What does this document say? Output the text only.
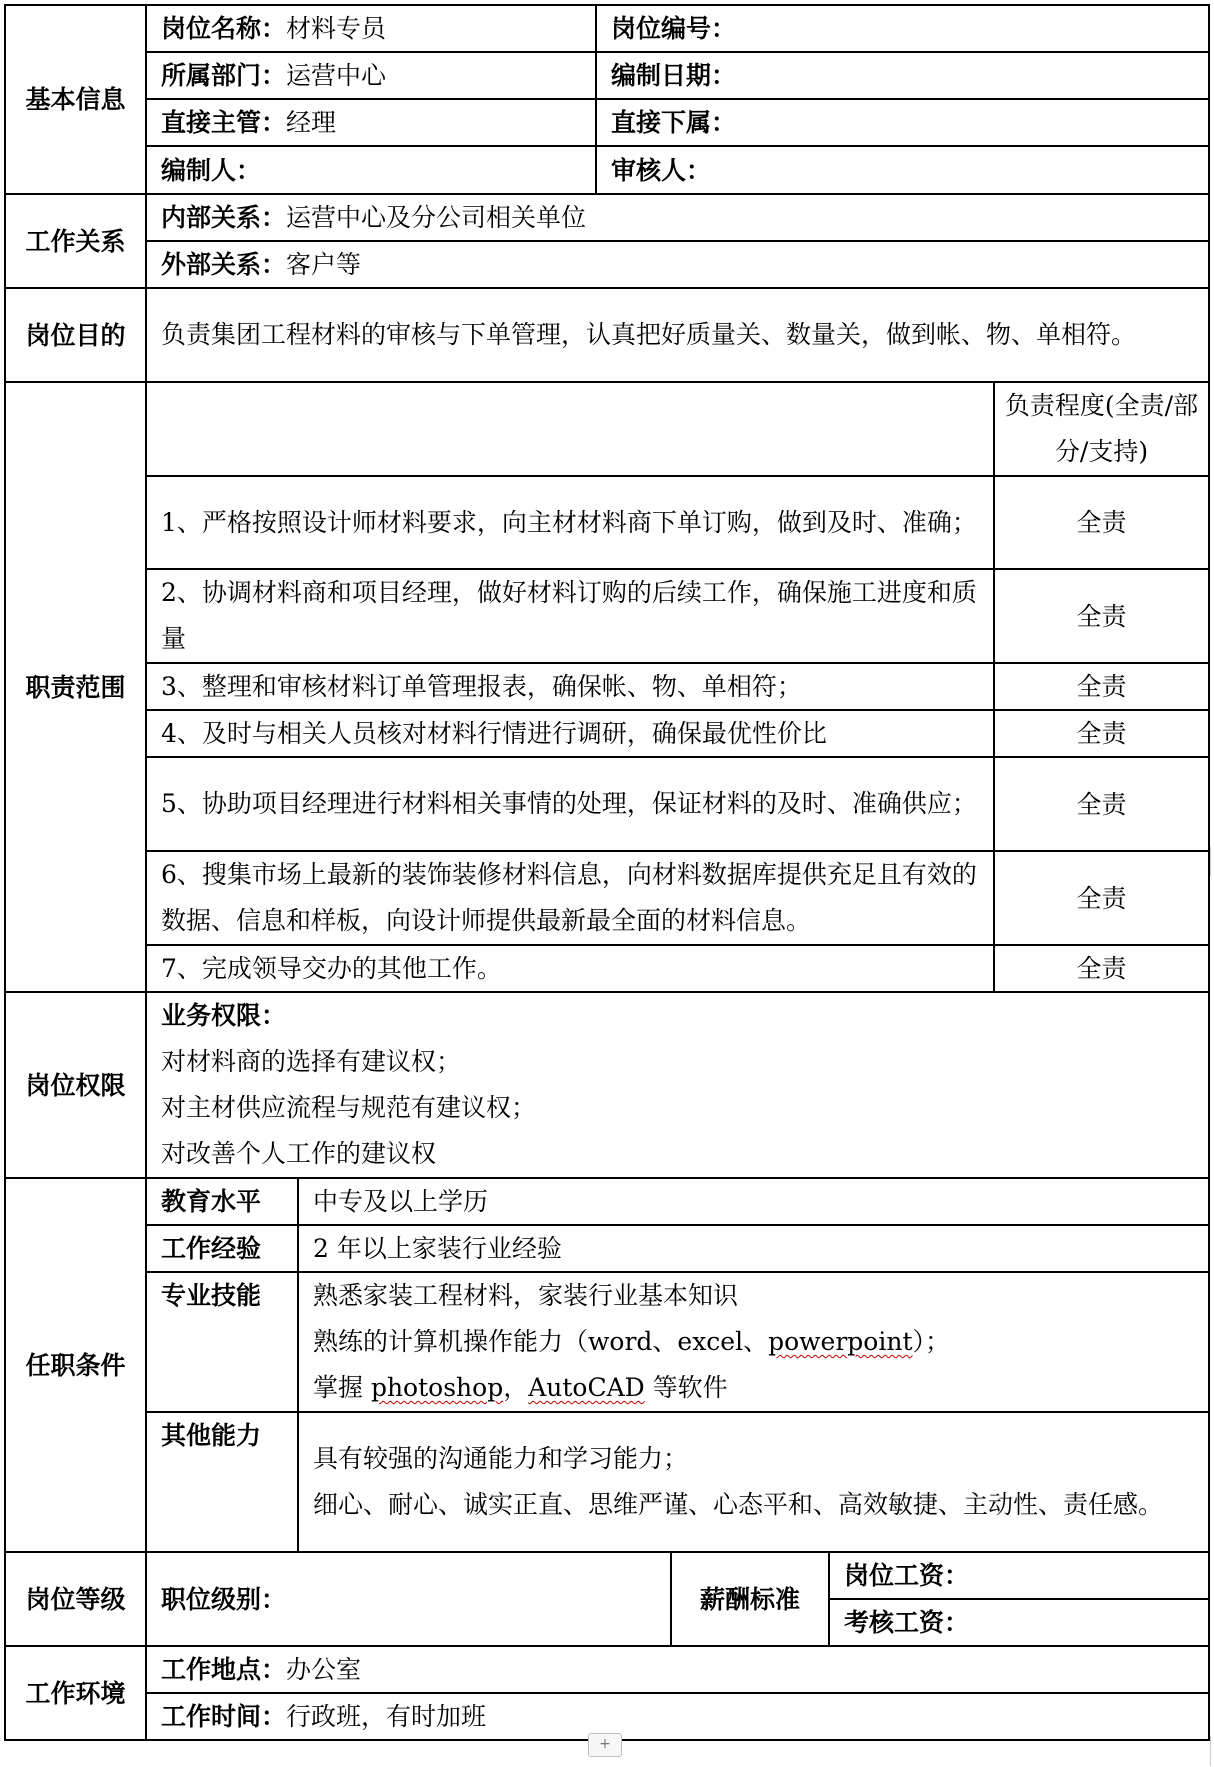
基本信息	岗位名称：材料专员		岗位编号：			
	所属部门：运营中心		编制日期：			
	直接主管：经理		直接下属：			
	编制人：		审核人：			
工作关系	内部关系：运营中心及分公司相关单位					
	外部关系：客户等					
岗位目的	负责集团工程材料的审核与下单管理，认真把好质量关、数量关，做到帐、物、单相符。					
职责范围						负责程度(全责/部分/支持)
	1、严格按照设计师材料要求，向主材材料商下单订购，做到及时、准确；					全责
	2、协调材料商和项目经理，做好材料订购的后续工作，确保施工进度和质量					全责
	3、整理和审核材料订单管理报表，确保帐、物、单相符；					全责
	4、及时与相关人员核对材料行情进行调研，确保最优性价比					全责
	5、协助项目经理进行材料相关事情的处理，保证材料的及时、准确供应；					全责
	6、搜集市场上最新的装饰装修材料信息，向材料数据库提供充足且有效的数据、信息和样板，向设计师提供最新最全面的材料信息。					全责
	7、完成领导交办的其他工作。					全责
岗位权限	业务权限：
对材料商的选择有建议权；
对主材供应流程与规范有建议权；
对改善个人工作的建议权					

任职条件	教育水平	中专及以上学历				
	工作经验	2 年以上家装行业经验				
	专业技能	熟悉家装工程材料，家装行业基本知识
熟练的计算机操作能力（word、excel、powerpoint）；
掌握 photoshop，AutoCAD 等软件				

	其他能力	具有较强的沟通能力和学习能力；
细心、耐心、诚实正直、思维严谨、心态平和、高效敏捷、主动性、责任感。				

岗位等级	职位级别：			薪酬标准	岗位工资：	
					考核工资：	
工作环境	工作地点：办公室					
	工作时间：行政班，有时加班					
+
